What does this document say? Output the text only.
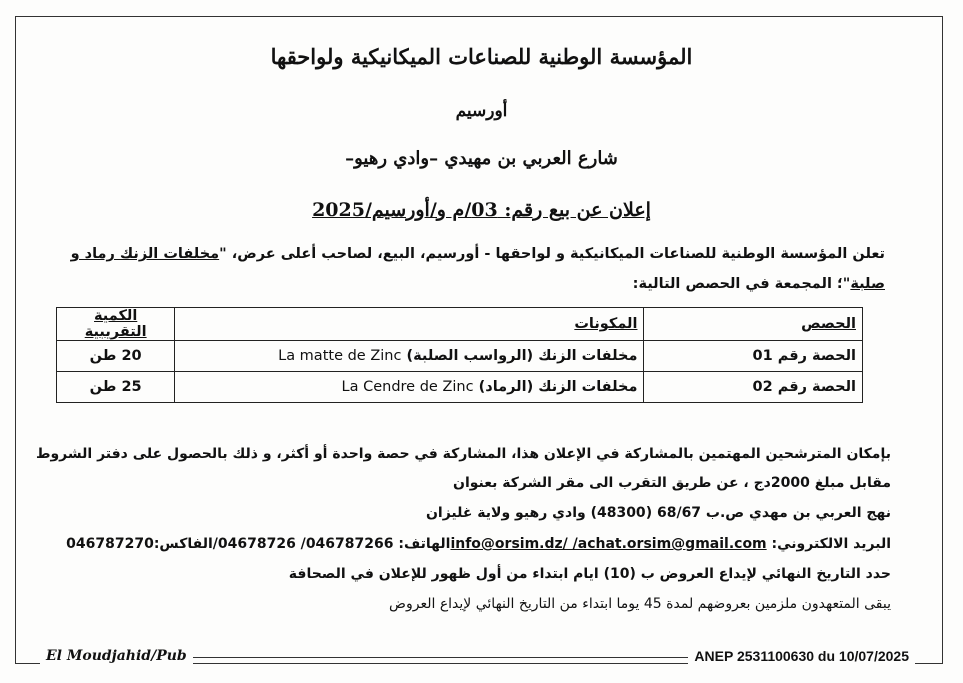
المؤسسة الوطنية للصناعات الميكانيكية ولواحقها
أورسيم
شارع العربي بن مهيدي –وادي رهيو–
إعلان عن بيع رقم: 03/م و/أورسيم/2025
تعلن المؤسسة الوطنية للصناعات الميكانيكية و لواحقها - أورسيم، البيع، لصاحب أعلى عرض، "مخلفات الزنك رماد و صلبة"؛ المجمعة في الحصص التالية:
الحصص	المكونات	الكمية التقريبية
الحصة رقم 01	مخلفات الزنك (الرواسب الصلبة) La matte de Zinc	20 طن
الحصة رقم 02	مخلفات الزنك (الرماد) La Cendre de Zinc	25 طن
بإمكان المترشحين المهتمين بالمشاركة في الإعلان هذا، المشاركة في حصة واحدة أو أكثر، و ذلك بالحصول على دفتر الشروط مقابل مبلغ 2000دج ، عن طريق التقرب الى مقر الشركة بعنوان
نهج العربي بن مهدي ص.ب 68/67 (48300) وادي رهيو ولاية غليزان
البريد الالكتروني: info@orsim.dz/ /achat.orsim@gmail.comالهاتف: 046787266/ 04678726/الفاكس:046787270
حدد التاريخ النهائي لإيداع العروض ب (10) ايام ابتداء من أول ظهور للإعلان في الصحافة
يبقى المتعهدون ملزمين بعروضهم لمدة 45 يوما ابتداء من التاريخ النهائي لإيداع العروض
El Moudjahid/Pub	ANEP 2531100630 du 10/07/2025
